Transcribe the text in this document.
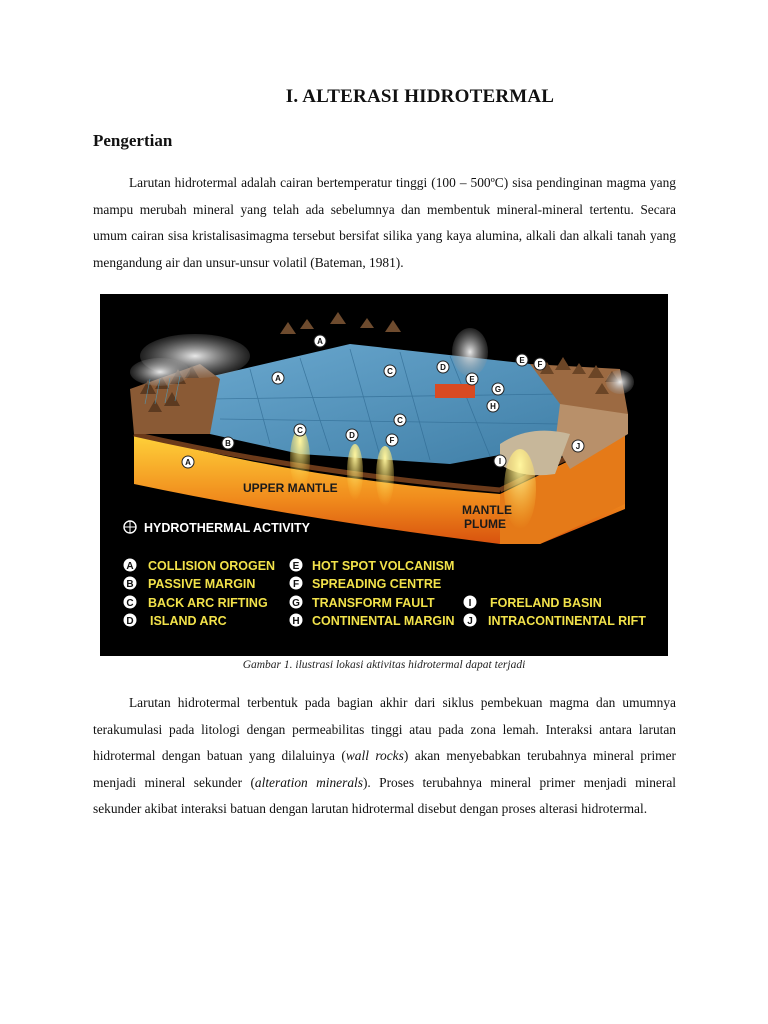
I. ALTERASI HIDROTERMAL
Pengertian
Larutan hidrotermal adalah cairan bertemperatur tinggi (100 – 500ºC) sisa pendinginan magma yang mampu merubah mineral yang telah ada sebelumnya dan membentuk mineral-mineral tertentu. Secara umum cairan sisa kristalisasimagma tersebut bersifat silika yang kaya alumina, alkali dan alkali tanah yang mengandung air dan unsur-unsur volatil (Bateman, 1981).
A
A
B
A
C	D
E
C
C
D
F
G
H
E F
I
J
UPPER MANTLE
MANTLE
PLUME
HYDROTHERMAL ACTIVITY
A COLLISION OROGEN
B PASSIVE MARGIN
C BACK ARC RIFTING
D ISLAND ARC
E HOT SPOT VOLCANISM
F SPREADING CENTRE
G TRANSFORM FAULT
H CONTINENTAL MARGIN
I FORELAND BASIN
J INTRACONTINENTAL RIFT
Gambar 1. ilustrasi lokasi aktivitas hidrotermal dapat terjadi
Larutan hidrotermal terbentuk pada bagian akhir dari siklus pembekuan magma dan umumnya terakumulasi pada litologi dengan permeabilitas tinggi atau pada zona lemah. Interaksi antara larutan hidrotermal dengan batuan yang dilaluinya (wall rocks) akan menyebabkan terubahnya mineral primer menjadi mineral sekunder (alteration minerals). Proses terubahnya mineral primer menjadi mineral sekunder akibat interaksi batuan dengan larutan hidrotermal disebut dengan proses alterasi hidrotermal.
